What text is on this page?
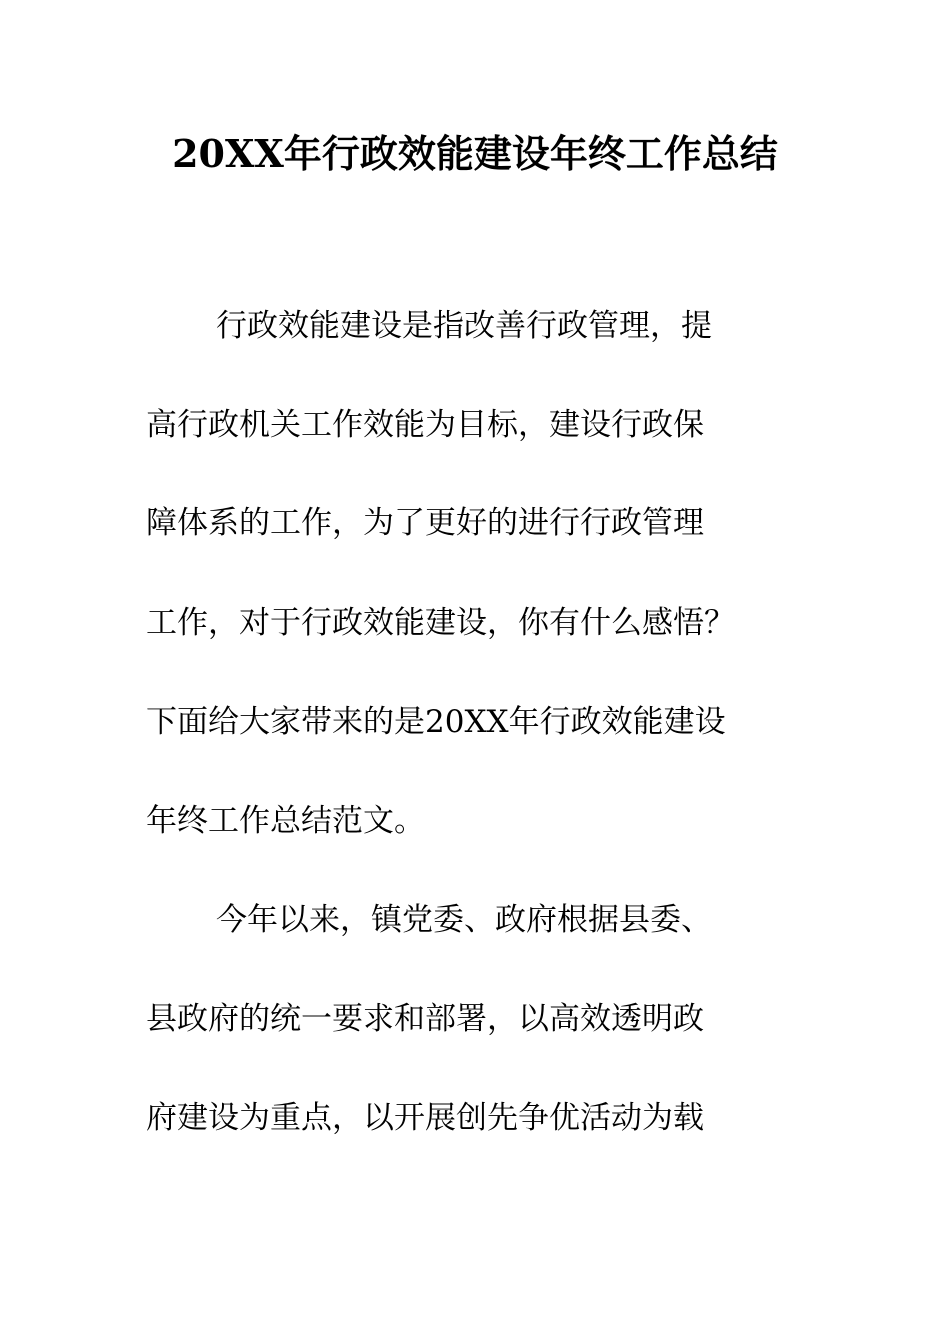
20XX年行政效能建设年终工作总结
行政效能建设是指改善行政管理，提
高行政机关工作效能为目标，建设行政保
障体系的工作，为了更好的进行行政管理
工作，对于行政效能建设，你有什么感悟？
下面给大家带来的是20XX年行政效能建设
年终工作总结范文。
今年以来，镇党委、政府根据县委、
县政府的统一要求和部署，以高效透明政
府建设为重点，以开展创先争优活动为载
